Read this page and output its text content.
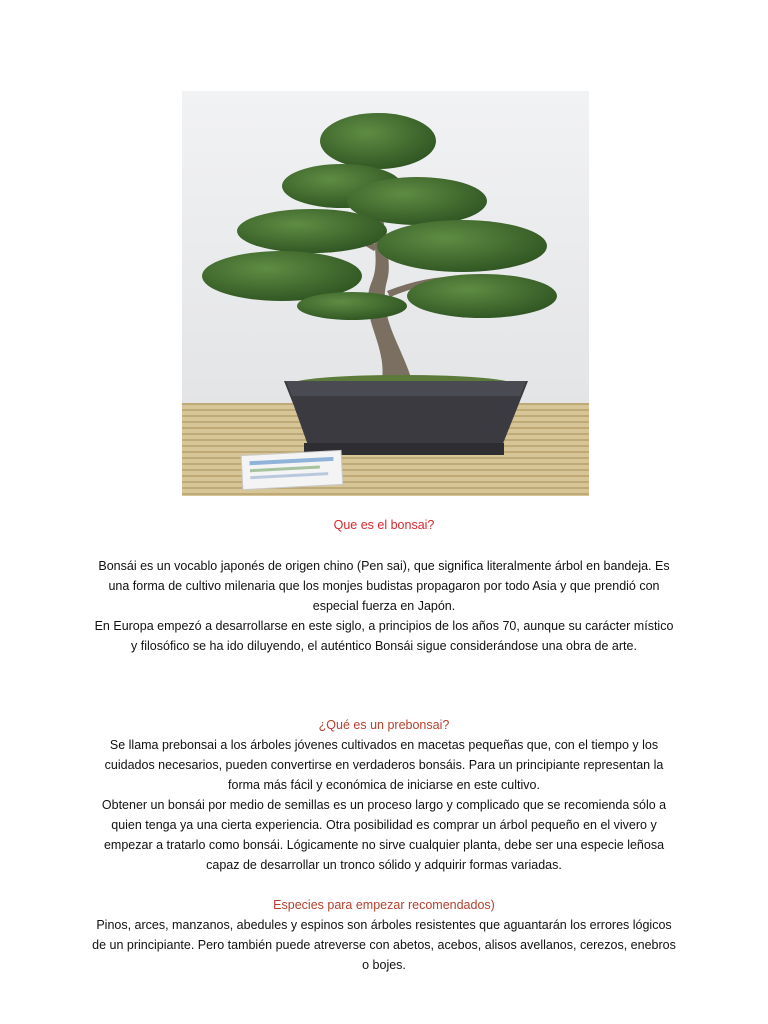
Que es el bonsai?

Bonsái es un vocablo japonés de origen chino (Pen sai), que significa literalmente árbol en bandeja. Es una forma de cultivo milenaria que los monjes budistas propagaron por todo Asia y que prendió con especial fuerza en Japón.

En Europa empezó a desarrollarse en este siglo, a principios de los años 70, aunque su carácter místico y filosófico se ha ido diluyendo, el auténtico Bonsái sigue considerándose una obra de arte.

¿Qué es un prebonsai?

Se llama prebonsai a los árboles jóvenes cultivados en macetas pequeñas que, con el tiempo y los cuidados necesarios, pueden convertirse en verdaderos bonsáis. Para un principiante representan la forma más fácil y económica de iniciarse en este cultivo.

Obtener un bonsái por medio de semillas es un proceso largo y complicado que se recomienda sólo a quien tenga ya una cierta experiencia. Otra posibilidad es comprar un árbol pequeño en el vivero y empezar a tratarlo como bonsái. Lógicamente no sirve cualquier planta, debe ser una especie leñosa capaz de desarrollar un tronco sólido y adquirir formas variadas.

Especies para empezar recomendados)

Pinos, arces, manzanos, abedules y espinos son árboles resistentes que aguantarán los errores lógicos de un principiante. Pero también puede atreverse con abetos, acebos, alisos avellanos, cerezos, enebros o bojes.
